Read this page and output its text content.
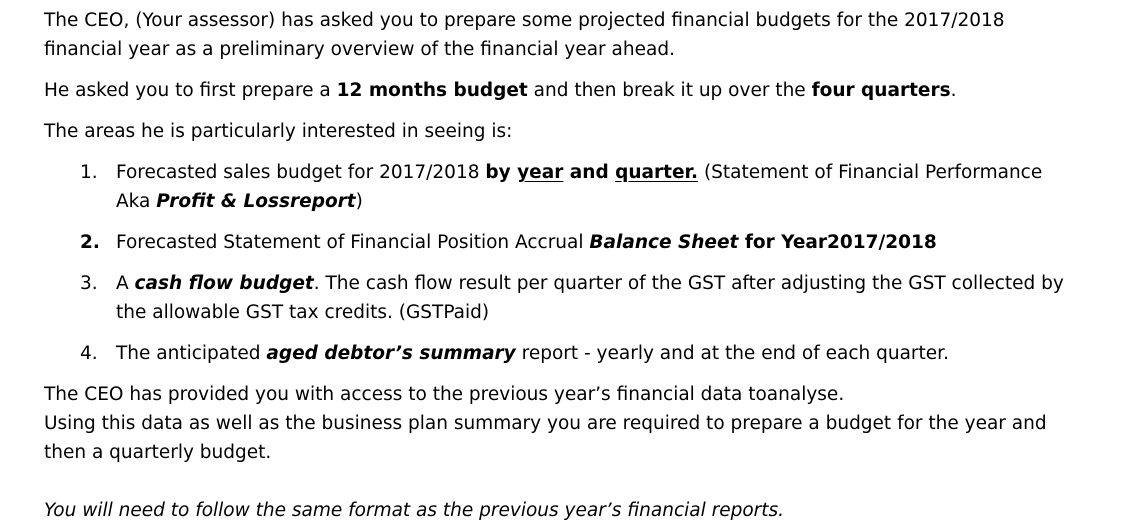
The CEO, (Your assessor) has asked you to prepare some projected financial budgets for the 2017/2018
financial year as a preliminary overview of the financial year ahead.

He asked you to first prepare a 12 months budget and then break it up over the four quarters.

The areas he is particularly interested in seeing is:

1. Forecasted sales budget for 2017/2018 by year and quarter. (Statement of Financial Performance
Aka Profit & Lossreport)
2. Forecasted Statement of Financial Position Accrual Balance Sheet for Year2017/2018
3. A cash flow budget. The cash flow result per quarter of the GST after adjusting the GST collected by
the allowable GST tax credits. (GSTPaid)
4. The anticipated aged debtor’s summary report - yearly and at the end of each quarter.

The CEO has provided you with access to the previous year’s financial data toanalyse.
Using this data as well as the business plan summary you are required to prepare a budget for the year and
then a quarterly budget.

You will need to follow the same format as the previous year’s financial reports.
